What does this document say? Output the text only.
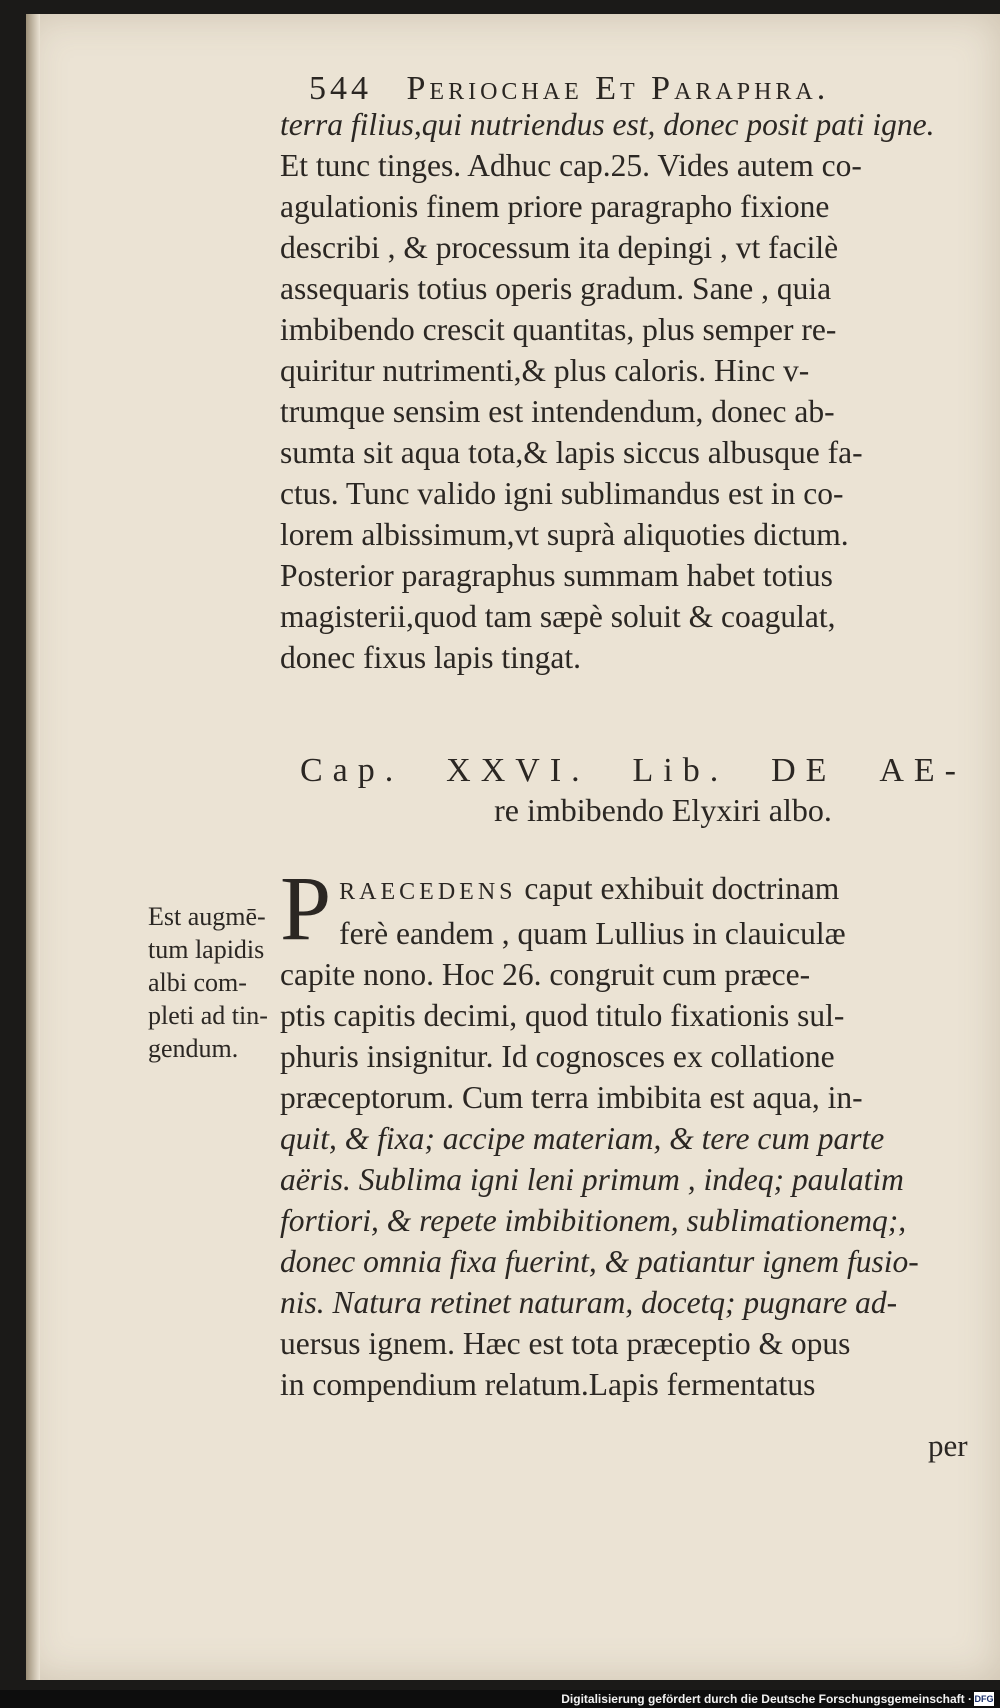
544 Periochae Et Paraphra.

terra filius,qui nutriendus est, donec posit pati igne.

Et tunc tinges. Adhuc cap.25. Vides autem co-

agulationis finem priore paragrapho fixione

describi , & processum ita depingi , vt facilè

assequaris totius operis gradum. Sane , quia

imbibendo crescit quantitas, plus semper re-

quiritur nutrimenti,& plus caloris. Hinc v-

trumque sensim est intendendum, donec ab-

sumta sit aqua tota,& lapis siccus albusque fa-

ctus. Tunc valido igni sublimandus est in co-

lorem albissimum,vt suprà aliquoties dictum.

Posterior paragraphus summam habet totius

magisterii,quod tam sæpè soluit & coagulat,

donec fixus lapis tingat.

Cap. XXVI. Lib. DE AE-
re imbibendo Elyxiri albo.
Est augmē-
tum lapidis
albi com-
pleti ad tin-
gendum.
P RAECEDENS caput exhibuit doctrinam
ferè eandem , quam Lullius in clauiculæ
capite nono. Hoc 26. congruit cum præce-
ptis capitis decimi, quod titulo fixationis sul-
phuris insignitur. Id cognosces ex collatione
præceptorum. Cum terra imbibita est aqua, in-
quit, & fixa; accipe materiam, & tere cum parte
aëris. Sublima igni leni primum , indeq; paulatim
fortiori, & repete imbibitionem, sublimationemq;,
donec omnia fixa fuerint, & patiantur ignem fusio-
nis. Natura retinet naturam, docetq; pugnare ad-
uersus ignem. Hæc est tota præceptio & opus
in compendium relatum.Lapis fermentatus
per
Digitalisierung gefördert durch die Deutsche Forschungsgemeinschaft · DFG
